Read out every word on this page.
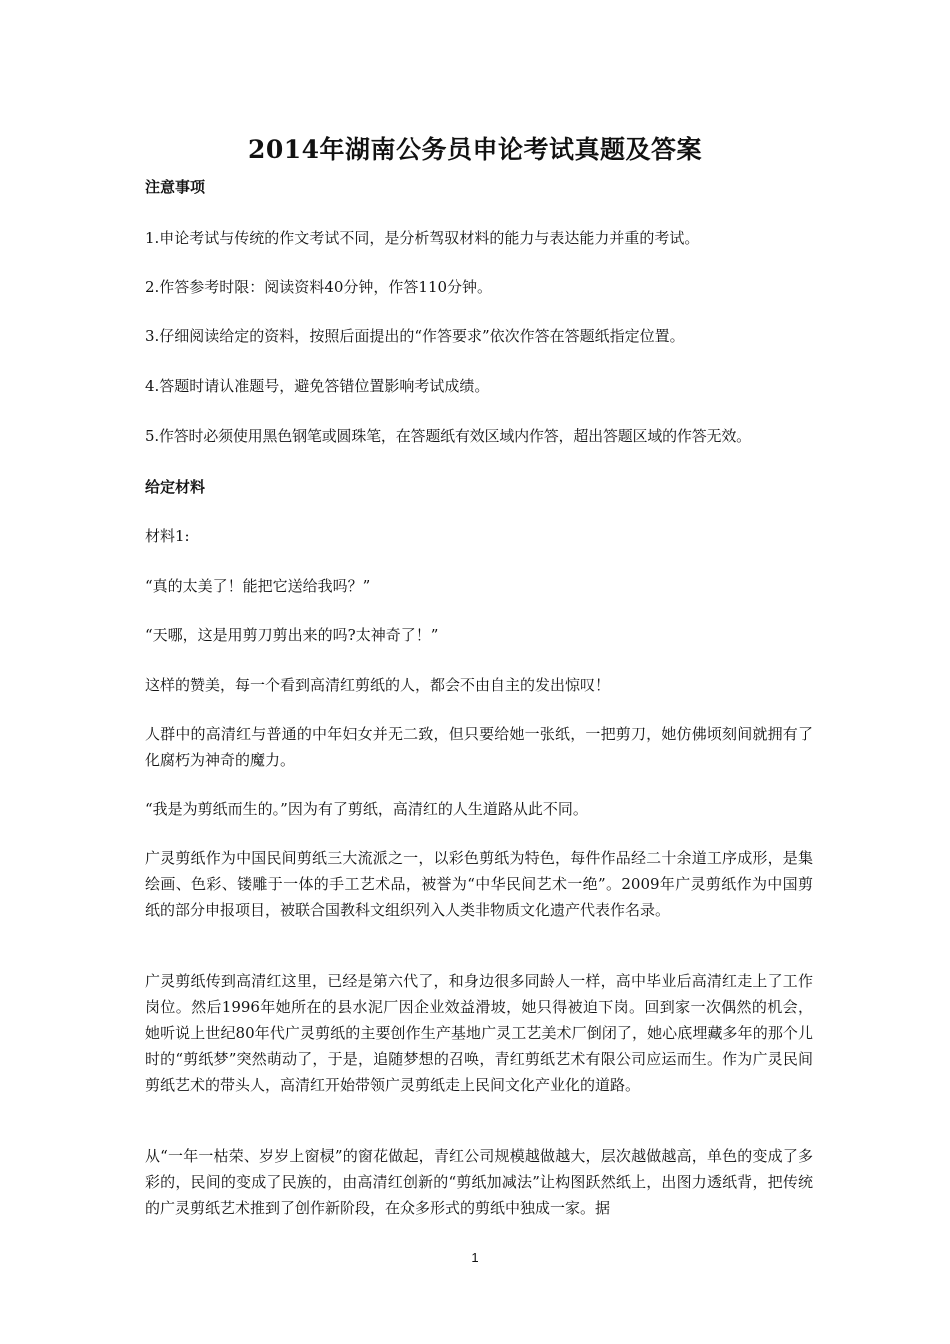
2014年湖南公务员申论考试真题及答案
注意事项

1.申论考试与传统的作文考试不同，是分析驾驭材料的能力与表达能力并重的考试。

2.作答参考时限：阅读资料40分钟，作答110分钟。

3.仔细阅读给定的资料，按照后面提出的“作答要求”依次作答在答题纸指定位置。

4.答题时请认准题号，避免答错位置影响考试成绩。

5.作答时必须使用黑色钢笔或圆珠笔，在答题纸有效区域内作答，超出答题区域的作答无效。

给定材料

材料1:

“真的太美了！能把它送给我吗？”

“天哪，这是用剪刀剪出来的吗?太神奇了！”

这样的赞美，每一个看到高清红剪纸的人，都会不由自主的发出惊叹！

人群中的高清红与普通的中年妇女并无二致，但只要给她一张纸，一把剪刀，她仿佛顷刻间就拥有了化腐朽为神奇的魔力。

“我是为剪纸而生的。”因为有了剪纸，高清红的人生道路从此不同。

广灵剪纸作为中国民间剪纸三大流派之一，以彩色剪纸为特色，每件作品经二十余道工序成形，是集绘画、色彩、镂雕于一体的手工艺术品，被誉为“中华民间艺术一绝”。2009年广灵剪纸作为中国剪纸的部分申报项目，被联合国教科文组织列入人类非物质文化遗产代表作名录。

广灵剪纸传到高清红这里，已经是第六代了，和身边很多同龄人一样，高中毕业后高清红走上了工作岗位。然后1996年她所在的县水泥厂因企业效益滑坡，她只得被迫下岗。回到家一次偶然的机会，她听说上世纪80年代广灵剪纸的主要创作生产基地广灵工艺美术厂倒闭了，她心底埋藏多年的那个儿时的“剪纸梦”突然萌动了，于是，追随梦想的召唤，青红剪纸艺术有限公司应运而生。作为广灵民间剪纸艺术的带头人，高清红开始带领广灵剪纸走上民间文化产业化的道路。

从“一年一枯荣、岁岁上窗棂”的窗花做起，青红公司规模越做越大，层次越做越高，单色的变成了多彩的，民间的变成了民族的，由高清红创新的“剪纸加减法”让构图跃然纸上，出图力透纸背，把传统的广灵剪纸艺术推到了创作新阶段，在众多形式的剪纸中独成一家。据

1
